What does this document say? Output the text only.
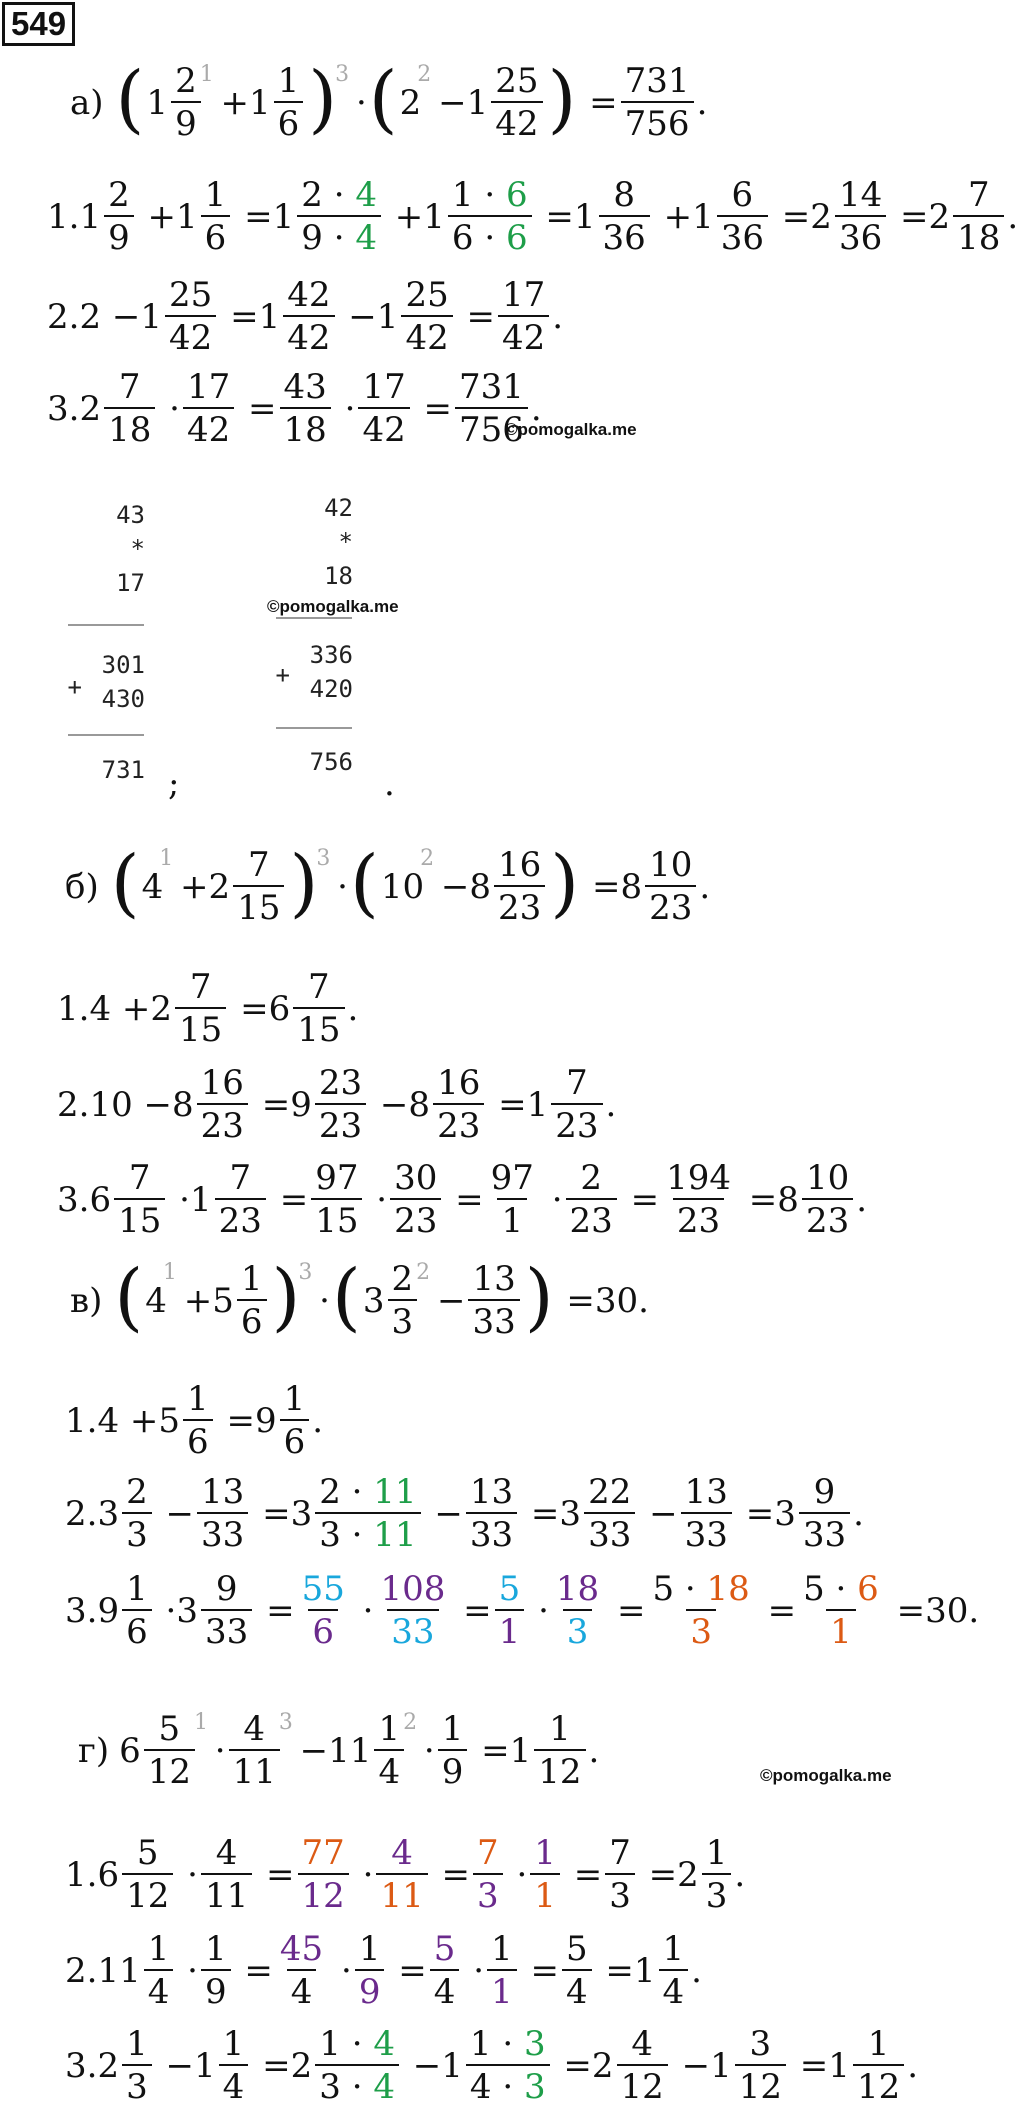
549
а) ( $1 \frac{2}{9} 1$
+ $1 \frac{1}{6}$ )
3
· ( 2
2
− $1 \frac{25}{42}$ ) = $\frac{731}{756}$ .
1. $1 \frac{2}{9} + 1 \frac{1}{6} = 1 \frac{2 \cdot 4}{9 \cdot 4} + 1 \frac{1 \cdot 6}{6 \cdot 6} = 1 \frac{8}{36} + 1 \frac{6}{36} = 2 \frac{14}{36} = 2 \frac{7}{18}$ .
2. $2 - 1 \frac{25}{42} = 1 \frac{42}{42} - 1 \frac{25}{42} = \frac{17}{42}$ .
3. $2 \frac{7}{18} \cdot \frac{17}{42} = \frac{43}{18} \cdot \frac{17}{42} = \frac{731}{756}$ .
©pomogalka.me
43
*
17
+
301
430
731 ;
42
*
18
©pomogalka.me
+
336
420
756
.
б) ( 4
1
+ $2 \frac{7}{15}$ )
3
· ( 10
2
− $8 \frac{16}{23}$ ) = $8 \frac{10}{23}$ .
1. $4 + 2 \frac{7}{15} = 6 \frac{7}{15}$ .
2. $10 - 8 \frac{16}{23} = 9 \frac{23}{23} - 8 \frac{16}{23} = 1 \frac{7}{23}$ .
3. $6 \frac{7}{15} \cdot 1 \frac{7}{23} = \frac{97}{15} \cdot \frac{30}{23} = \frac{97}{1} \cdot \frac{2}{23} = \frac{194}{23} = 8 \frac{10}{23}$ .
в) ( 4
1
+ $5 \frac{1}{6}$ )
3
· ( $3 \frac{2}{3} 2$
− $\frac{13}{33}$ ) = 30 .
1. $4 + 5 \frac{1}{6} = 9 \frac{1}{6}$ .
2. $3 \frac{2}{3} - \frac{13}{33} = 3 \frac{2 \cdot 11}{3 \cdot 11} - \frac{13}{33} = 3 \frac{22}{33} - \frac{13}{33} = 3 \frac{9}{33}$ .
3. $9 \frac{1}{6} \cdot 3 \frac{9}{33} = \frac{55}{6} \cdot \frac{108}{33} = \frac{5}{1} \cdot \frac{18}{3} = \frac{5 \cdot 18}{3} = \frac{5 \cdot 6}{1} = 30$ .
г) $6 \frac{5}{12} 1$
· $\frac{4}{11} 3$
− $11 \frac{1}{4} 2$
· $\frac{1}{9} = 1 \frac{1}{12}$ .
©pomogalka.me
1. $6 \frac{5}{12} \cdot \frac{4}{11} = \frac{77}{12} \cdot \frac{4}{11} = \frac{7}{3} \cdot \frac{1}{1} = \frac{7}{3} = 2 \frac{1}{3}$ .
2. $11 \frac{1}{4} \cdot \frac{1}{9} = \frac{45}{4} \cdot \frac{1}{9} = \frac{5}{4} \cdot \frac{1}{1} = \frac{5}{4} = 1 \frac{1}{4}$ .
3. $2 \frac{1}{3} - 1 \frac{1}{4} = 2 \frac{1 \cdot 4}{3 \cdot 4} - 1 \frac{1 \cdot 3}{4 \cdot 3} = 2 \frac{4}{12} - 1 \frac{3}{12} = 1 \frac{1}{12}$ .
